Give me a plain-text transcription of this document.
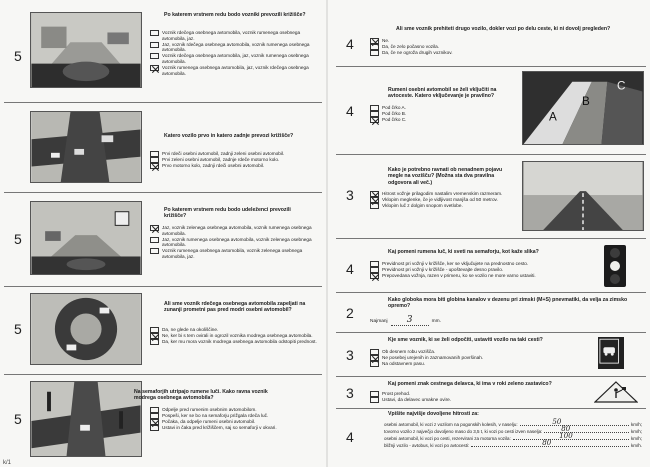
5
Po katerem vrstnem redu bodo vozniki prevozili križišče?
Voznik rdečega osebnega avtomobila, voznik rumenega osebnega avtomobila, jaz.
Jaz, voznik rdečega osebnega avtomobila, voznik rumenega osebnega avtomobila.
Voznik rdečega osebnega avtomobila, jaz, voznik rumenega osebnega avtomobila.
Voznik rumenega osebnega avtomobila, jaz, voznik rdečega osebnega avtomobila.
Katero vozilo prvo in katero zadnje prevozi križišče?
Prvi rdeči osebni avtomobil, zadnji zeleni osebni avtomobil.
Prvi zeleni osebni avtomobil, zadnje rdeče motorno kolo.
Prvo motorno kolo, zadnji rdeči osebni avtomobil.
5
Po katerem vrstnem redu bodo udeleženci prevozili križišče?
Jaz, voznik zelenega osebnega avtomobila, voznik rumenega osebnega avtomobila.
Jaz, voznik rumenega osebnega avtomobila, voznik zelenega osebnega avtomobila.
Voznik rumenega osebnega avtomobila, voznik zelenega osebnega avtomobila, jaz.
5
Ali sme voznik rdečega osebnega avtomobila zapeljati na zunanji prometni pas pred modri osebni avtomobil?
Da, ne glede na okoliščine.
Ne, ker bi s tem ovirali in ogrozil voznika modrega osebnega avtomobila.
Da, ker mu mora voznik modrega osebnega avtomobila odstopiti prednost.
5
Na semaforjih utripajo rumene luči. Kako ravna voznik modrega osebnega avtomobila?
Odpelje pred rumenim osebnim avtomobilom.
Pospeši, ker se bo na semaforju prižgala rdeča luč.
Počaka, da odpelje rumeni osebni avtomobil.
Ustavi in čaka pred križiščem, saj so semaforji v okvari.
4
Ali sme voznik prehiteti drugo vozilo, dokler vozi po delu ceste, ki ni dovolj pregleden?
Ne.
Da, če zelo počasno vozila.
Da, če ne ogroža drugih voznikov.
4
Rumeni osebni avtomobil se želi vključiti na avtoceste. Katero vključevanje je pravilno?
Pod črko A.
Pod črko B.
Pod črko C.	A
B
C
3
Kako je potrebno ravnati ob nenadnem pojavu megle na vozišču? (Možna sta dva pravilna odgovora ali več.)
Hitrost vožnje prilagodim nastalim vremenskim razmeram.
Vklopim meglenke, če je vidljivost manjša od 50 metrov.
Vklopim luč z dolgim snopom svetlobe.
4
Kaj pomeni rumena luč, ki sveti na semaforju, kot kaže slika?
Previdnost pri vožnji v križišče, ker se vključujete na prednostno cesto.
Previdnost pri vožnji v križišče - upoštevajte desno pravilo.
Prepovedana vožnja, razen v primeru, ko se vozilo ne more varno ustaviti.
2
Kako globoka mora biti globina kanalov v dezenu pri zimski (M+S) pnevmatiki, da velja za zimsko opremo?
Najmanj	3	mm.
3
Kje sme voznik, ki se želi odpočiti, ustaviti vozilo na taki cesti?
Ob desnem robu vozišča.
Ne posebej urejenih in zaznamovanih površinah.
Na odstavnem pasu.
3
Kaj pomeni znak cestnega delavca, ki ima v roki zeleno zastavico?
Prost prehod.
Ustavi, da delavec umakne ovire.
4
Vpišite najvišje dovoljene hitrosti za:
osebni avtomobil, ki vozi z vozilom na pogonskih kolesih, v naselju:	50	km/h;
tovorno vozilo z največjo dovoljeno maso do 3,5 t, ki vozi po cesti izven naselja:	80	km/h;
osebni avtomobil, ki vozi po cesti, rezervirani za motorna vozila:	100	km/h;
bližnji vozilo - avtobus, ki vozi po avtocesti:	80	km/h.
k/1
